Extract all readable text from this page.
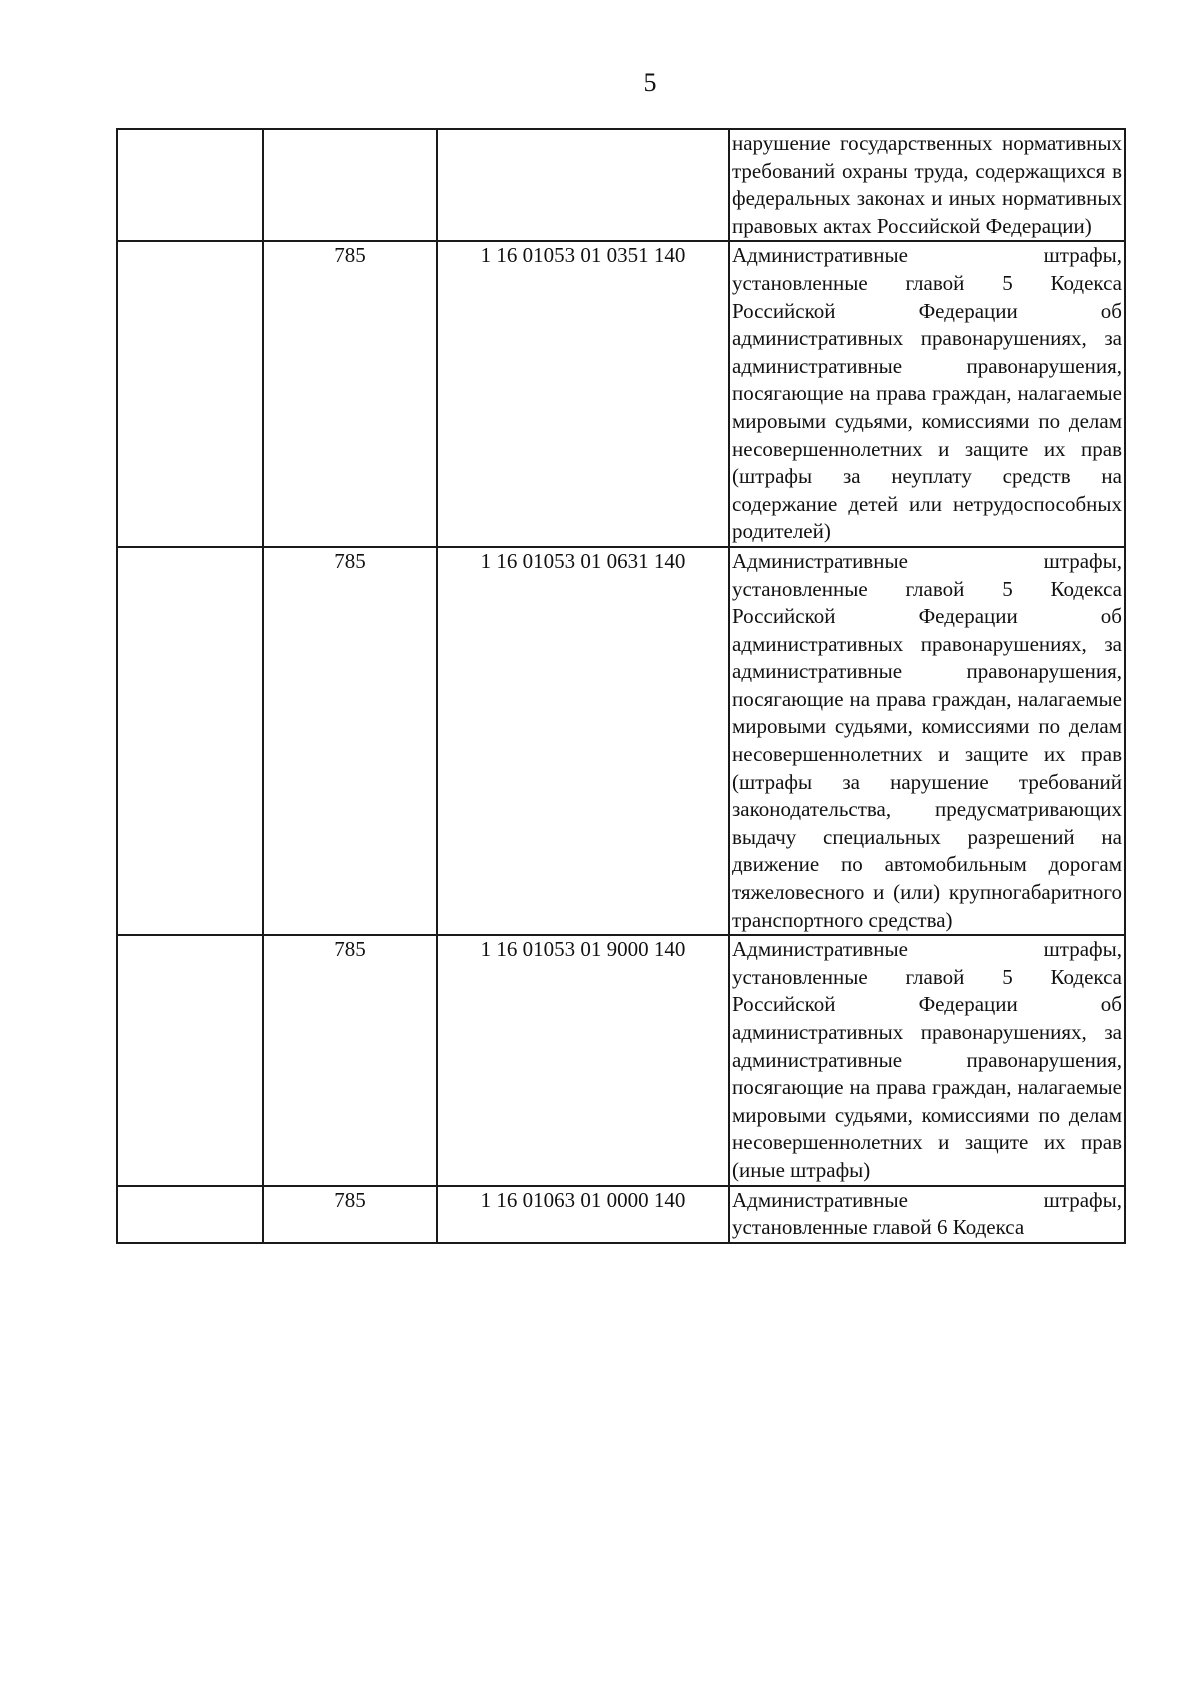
5
			нарушение государственных нормативных требований охраны труда, содержащихся в федеральных законах и иных нормативных правовых актах Российской Федерации)
	785	1 16 01053 01 0351 140	Административные штрафы, установленные главой 5 Кодекса Российской Федерации об административных правонарушениях, за административные правонарушения, посягающие на права граждан, налагаемые мировыми судьями, комиссиями по делам несовершеннолетних и защите их прав (штрафы за неуплату средств на содержание детей или нетрудоспособных родителей)
	785	1 16 01053 01 0631 140	Административные штрафы, установленные главой 5 Кодекса Российской Федерации об административных правонарушениях, за административные правонарушения, посягающие на права граждан, налагаемые мировыми судьями, комиссиями по делам несовершеннолетних и защите их прав (штрафы за нарушение требований законодательства, предусматривающих выдачу специальных разрешений на движение по автомобильным дорогам тяжеловесного и (или) крупногабаритного транспортного средства)
	785	1 16 01053 01 9000 140	Административные штрафы, установленные главой 5 Кодекса Российской Федерации об административных правонарушениях, за административные правонарушения, посягающие на права граждан, налагаемые мировыми судьями, комиссиями по делам несовершеннолетних и защите их прав (иные штрафы)
	785	1 16 01063 01 0000 140	Административные штрафы, установленные главой 6 Кодекса
